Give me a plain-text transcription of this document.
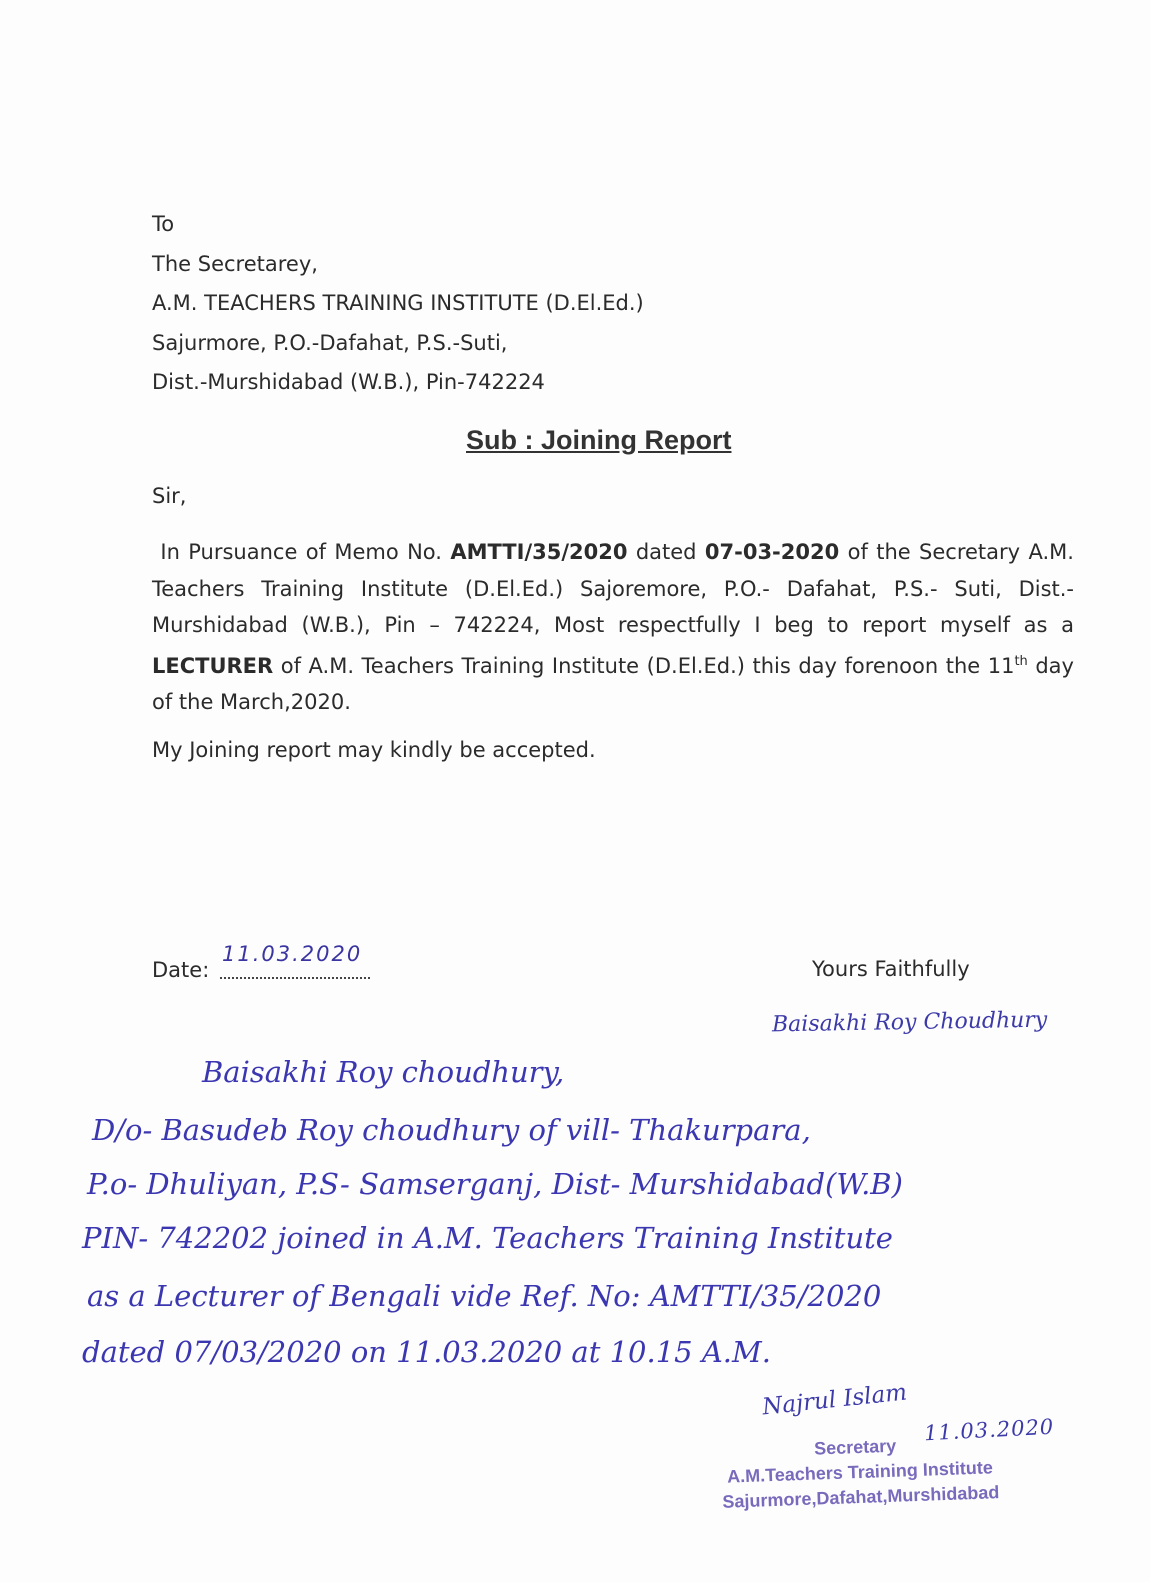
To
The Secretarey,
A.M. TEACHERS TRAINING INSTITUTE (D.El.Ed.)
Sajurmore, P.O.-Dafahat, P.S.-Suti,
Dist.-Murshidabad (W.B.), Pin-742224
Sub : Joining Report
Sir,
In Pursuance of Memo No. AMTTI/35/2020 dated 07-03-2020 of the Secretary A.M. Teachers Training Institute (D.El.Ed.) Sajoremore, P.O.- Dafahat, P.S.- Suti, Dist.- Murshidabad (W.B.), Pin – 742224, Most respectfully I beg to report myself as a LECTURER of A.M. Teachers Training Institute (D.El.Ed.) this day forenoon the 11th day of the March,2020.
My Joining report may kindly be accepted.
Date:
11.03.2020
Yours Faithfully
Baisakhi Roy Choudhury
Baisakhi Roy choudhury,
D/o- Basudeb Roy choudhury of vill- Thakurpara,
P.o- Dhuliyan, P.S- Samserganj, Dist- Murshidabad(W.B)
PIN- 742202 joined in A.M. Teachers Training Institute
as a Lecturer of Bengali vide Ref. No: AMTTI/35/2020
dated 07/03/2020 on 11.03.2020 at 10.15 A.M.
Najrul Islam
11.03.2020
Secretary
A.M.Teachers Training Institute
Sajurmore,Dafahat,Murshidabad
